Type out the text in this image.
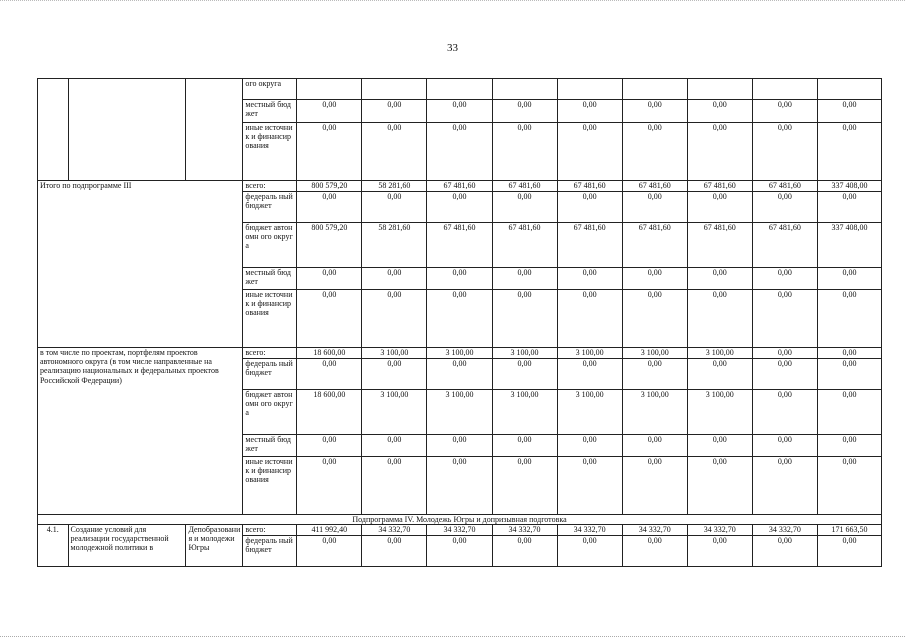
33
			ого округа									
			местный бюджет	0,00	0,00	0,00	0,00	0,00	0,00	0,00	0,00	0,00
			иные источник и финансир ования	0,00	0,00	0,00	0,00	0,00	0,00	0,00	0,00	0,00
Итого по подпрограмме III			всего:	800 579,20	58 281,60	67 481,60	67 481,60	67 481,60	67 481,60	67 481,60	67 481,60	337 408,00
			федераль ный бюджет	0,00	0,00	0,00	0,00	0,00	0,00	0,00	0,00	0,00
			бюджет автономн ого округа	800 579,20	58 281,60	67 481,60	67 481,60	67 481,60	67 481,60	67 481,60	67 481,60	337 408,00
			местный бюджет	0,00	0,00	0,00	0,00	0,00	0,00	0,00	0,00	0,00
			иные источник и финансир ования	0,00	0,00	0,00	0,00	0,00	0,00	0,00	0,00	0,00
в том числе по проектам, портфелям проектов автономного округа (в том числе направленные на реализацию национальных и федеральных проектов Российской Федерации)			всего:	18 600,00	3 100,00	3 100,00	3 100,00	3 100,00	3 100,00	3 100,00	0,00	0,00
			федераль ный бюджет	0,00	0,00	0,00	0,00	0,00	0,00	0,00	0,00	0,00
			бюджет автономн ого округа	18 600,00	3 100,00	3 100,00	3 100,00	3 100,00	3 100,00	3 100,00	0,00	0,00
			местный бюджет	0,00	0,00	0,00	0,00	0,00	0,00	0,00	0,00	0,00
			иные источник и финансир ования	0,00	0,00	0,00	0,00	0,00	0,00	0,00	0,00	0,00
Подпрограмма IV. Молодежь Югры и допризывная подготовка												
4.1.	Создание условий для реализации государственной молодежной политики в	Депобразования и молодежи Югры	всего:	411 992,40	34 332,70	34 332,70	34 332,70	34 332,70	34 332,70	34 332,70	34 332,70	171 663,50
			федераль ный бюджет	0,00	0,00	0,00	0,00	0,00	0,00	0,00	0,00	0,00
